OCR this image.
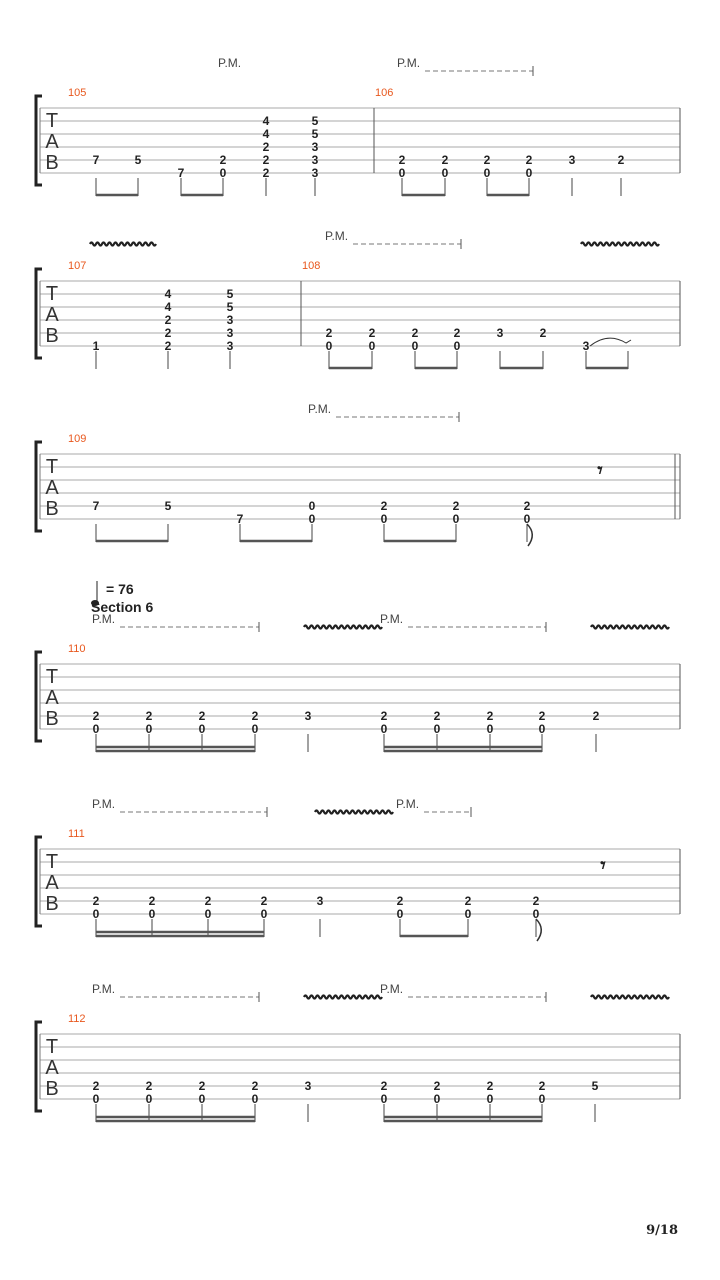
= 76
Section 6
9/18
T
A
B
105	106
P.M.	P.M.
7	5
7
2
0
4
4
2
2
2
5
5
3
3
3
2
0
2
0
2
0
2
0
3	2
T
A
B
107	108
P.M.
1
4
4
2
2
2
5
5
3
3
3
2
0
2
0
2
0
2
0
3	2
3
T
A
B
109
P.M.
7	5
7
0
0
2
0
2
0
2
0
𝄾
T
A
B
110
P.M.	P.M.
2
0
2
0
2
0
2
0
3	2
0
2
0
2
0
2
0
2
T
A
B
111
P.M.	P.M.
2
0
2
0
2
0
2
0
3	2
0
2
0
2
0
𝄾
T
A
B
112
P.M.	P.M.
2
0
2
0
2
0
2
0
3	2
0
2
0
2
0
2
0
5
